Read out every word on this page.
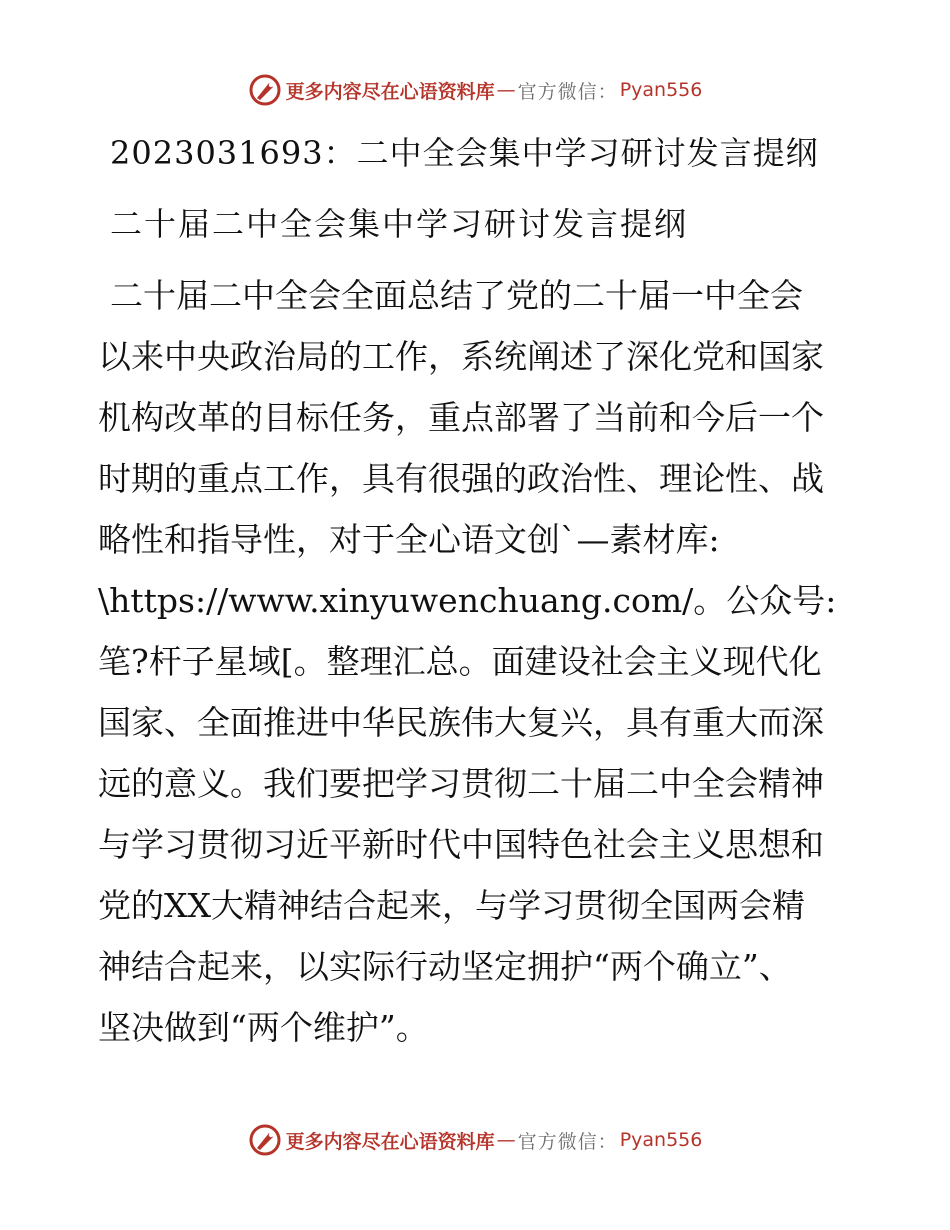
更多内容尽在心语资料库 — 官方微信： Pyan556
2023031693：二中全会集中学习研讨发言提纲
二十届二中全会集中学习研讨发言提纲
二十届二中全会全面总结了党的二十届一中全会
以来中央政治局的工作，系统阐述了深化党和国家
机构改革的目标任务，重点部署了当前和今后一个
时期的重点工作，具有很强的政治性、理论性、战
略性和指导性，对于全心语文创`—素材库:
\https://www.xinyuwenchuang.com/。公众号:
笔?杆子星域[。整理汇总。面建设社会主义现代化
国家、全面推进中华民族伟大复兴，具有重大而深
远的意义。我们要把学习贯彻二十届二中全会精神
与学习贯彻习近平新时代中国特色社会主义思想和
党的XX大精神结合起来，与学习贯彻全国两会精
神结合起来，以实际行动坚定拥护“两个确立”、
坚决做到“两个维护”。
更多内容尽在心语资料库 — 官方微信： Pyan556
